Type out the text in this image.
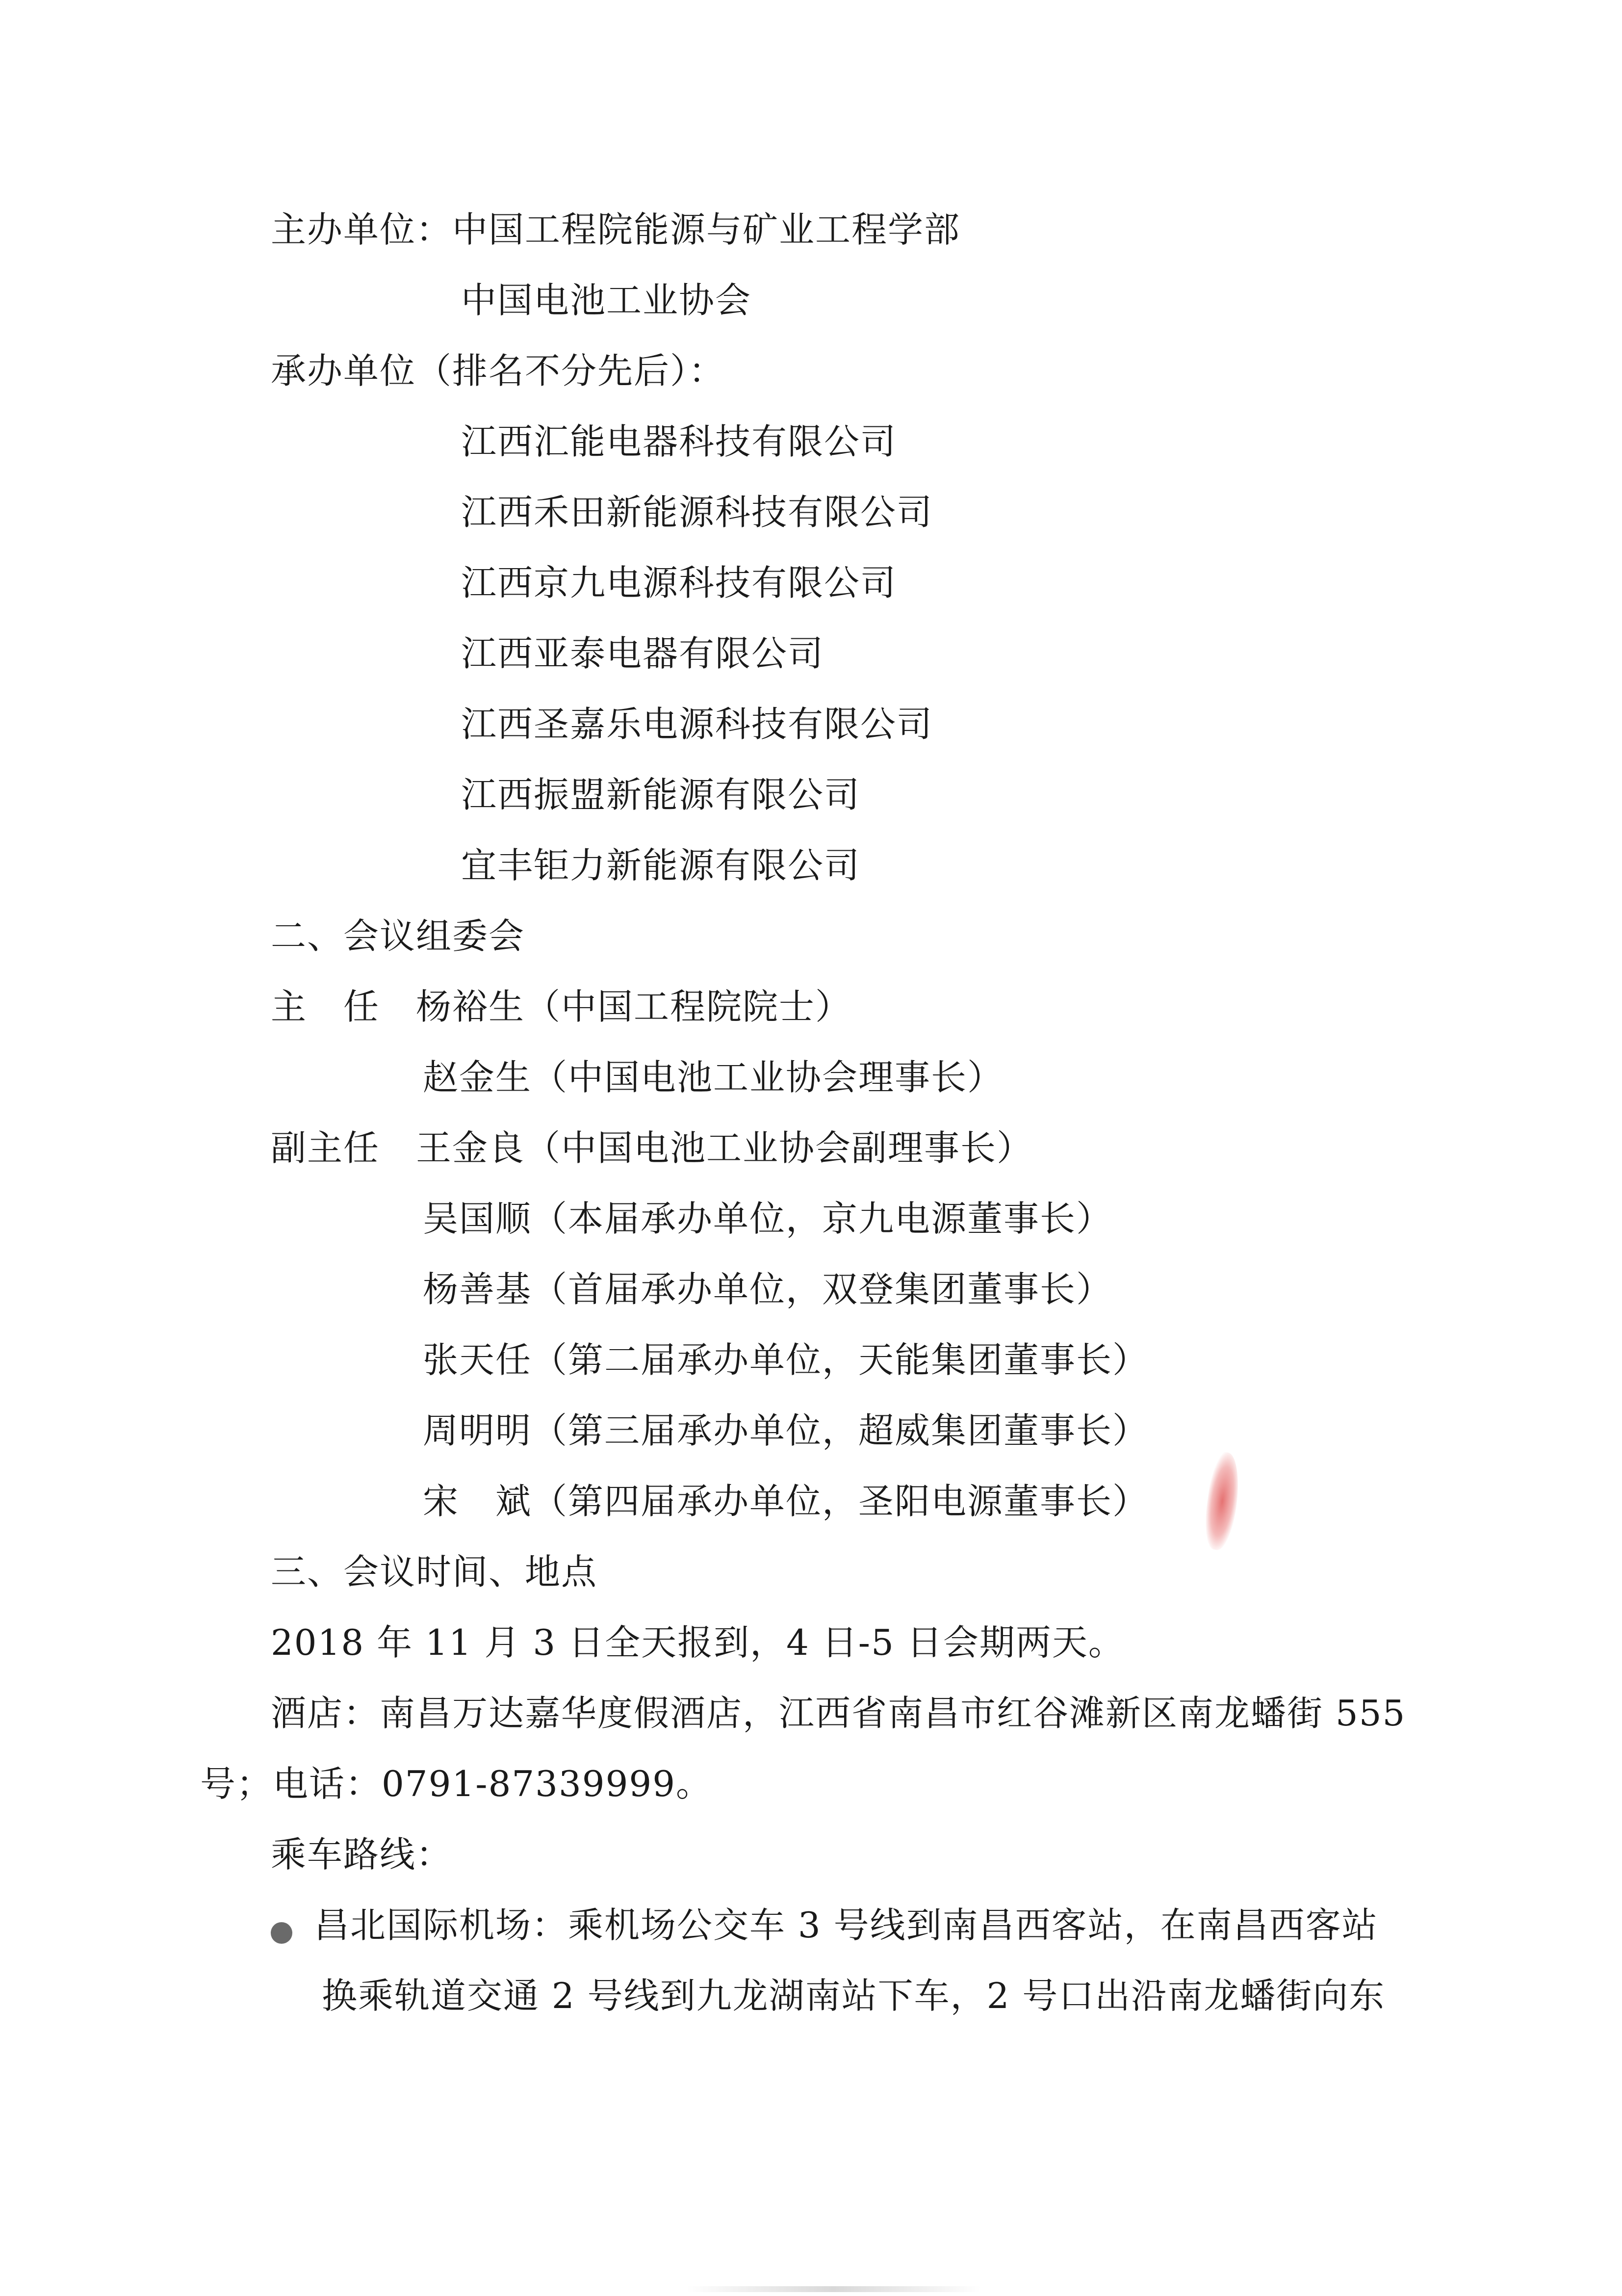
主办单位：中国工程院能源与矿业工程学部
中国电池工业协会
承办单位（排名不分先后）：
江西汇能电器科技有限公司
江西禾田新能源科技有限公司
江西京九电源科技有限公司
江西亚泰电器有限公司
江西圣嘉乐电源科技有限公司
江西振盟新能源有限公司
宜丰钜力新能源有限公司
二、会议组委会
主　任　杨裕生（中国工程院院士）
赵金生（中国电池工业协会理事长）
副主任　王金良（中国电池工业协会副理事长）
吴国顺（本届承办单位，京九电源董事长）
杨善基（首届承办单位，双登集团董事长）
张天任（第二届承办单位，天能集团董事长）
周明明（第三届承办单位，超威集团董事长）
宋　斌（第四届承办单位，圣阳电源董事长）
三、会议时间、地点
2018 年 11 月 3 日全天报到，4 日-5 日会期两天。
酒店：南昌万达嘉华度假酒店，江西省南昌市红谷滩新区南龙蟠街 555
号；电话：0791-87339999。
乘车路线：
昌北国际机场：乘机场公交车 3 号线到南昌西客站，在南昌西客站
换乘轨道交通 2 号线到九龙湖南站下车，2 号口出沿南龙蟠街向东
